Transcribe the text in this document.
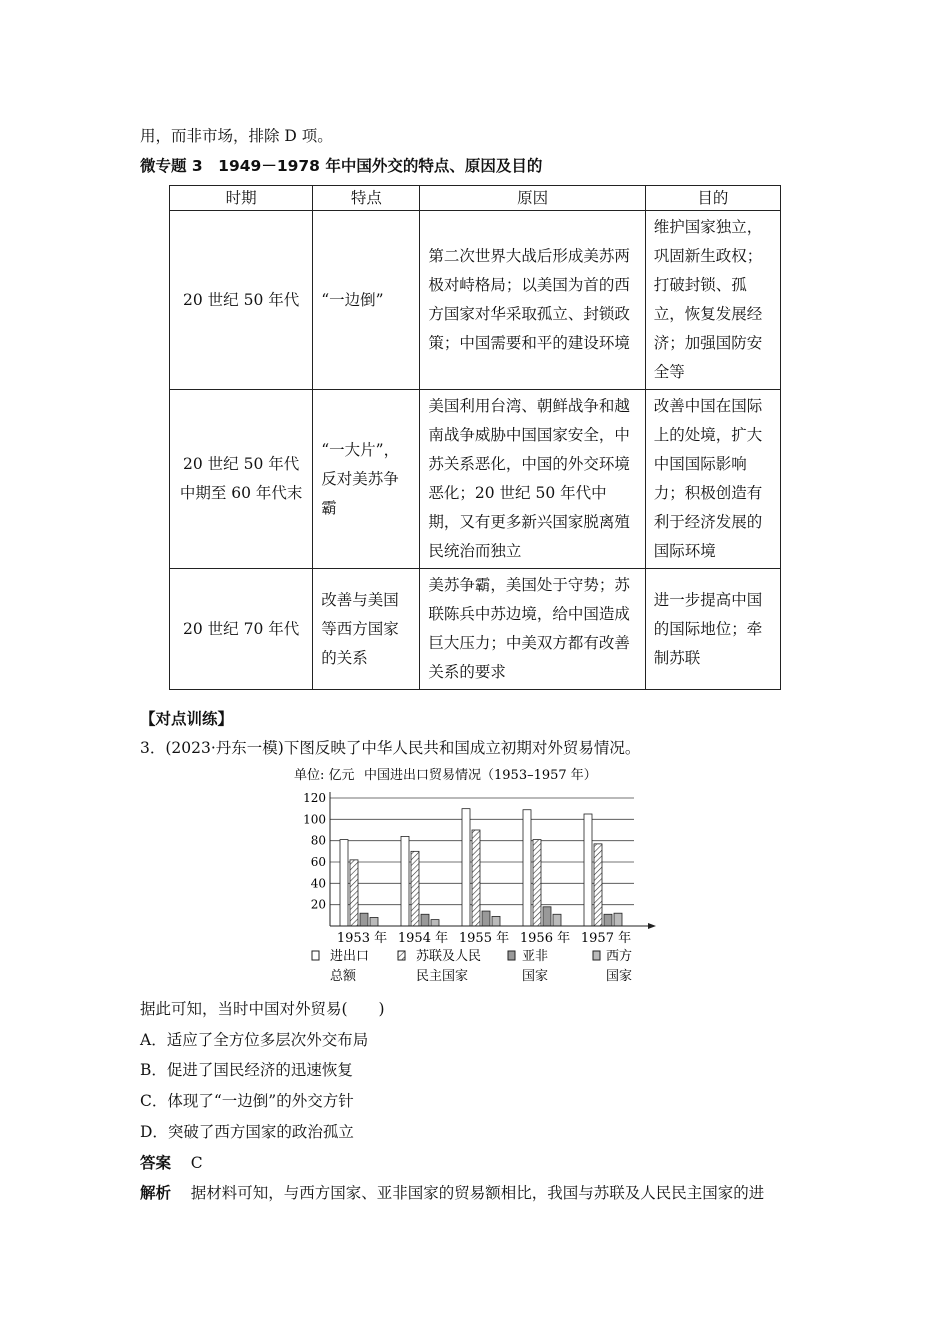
用，而非市场，排除 D 项。
微专题 3　1949－1978 年中国外交的特点、原因及目的
时期	特点	原因	目的
20 世纪 50 年代	“一边倒”	第二次世界大战后形成美苏两极对峙格局；以美国为首的西方国家对华采取孤立、封锁政策；中国需要和平的建设环境	维护国家独立，巩固新生政权；打破封锁、孤立，恢复发展经济；加强国防安全等
20 世纪 50 年代中期至 60 年代末	“一大片”，反对美苏争霸	美国利用台湾、朝鲜战争和越南战争威胁中国国家安全，中苏关系恶化，中国的外交环境恶化；20 世纪 50 年代中期，又有更多新兴国家脱离殖民统治而独立	改善中国在国际上的处境，扩大中国国际影响力；积极创造有利于经济发展的国际环境
20 世纪 70 年代	改善与美国等西方国家的关系	美苏争霸，美国处于守势；苏联陈兵中苏边境，给中国造成巨大压力；中美双方都有改善关系的要求	进一步提高中国的国际地位；牵制苏联
【对点训练】
3．(2023·丹东一模)下图反映了中华人民共和国成立初期对外贸易情况。
单位: 亿元 中国进出口贸易情况（1953–1957 年）
20
40
60
80
100
120
1953 年 1954 年 1955 年 1956 年 1957 年
进出口
总额
苏联及人民
民主国家
亚非
国家
西方
国家
据此可知，当时中国对外贸易(　　)
A．适应了全方位多层次外交布局
B．促进了国民经济的迅速恢复
C．体现了“一边倒”的外交方针
D．突破了西方国家的政治孤立
答案 C
解析 据材料可知，与西方国家、亚非国家的贸易额相比，我国与苏联及人民民主国家的进
